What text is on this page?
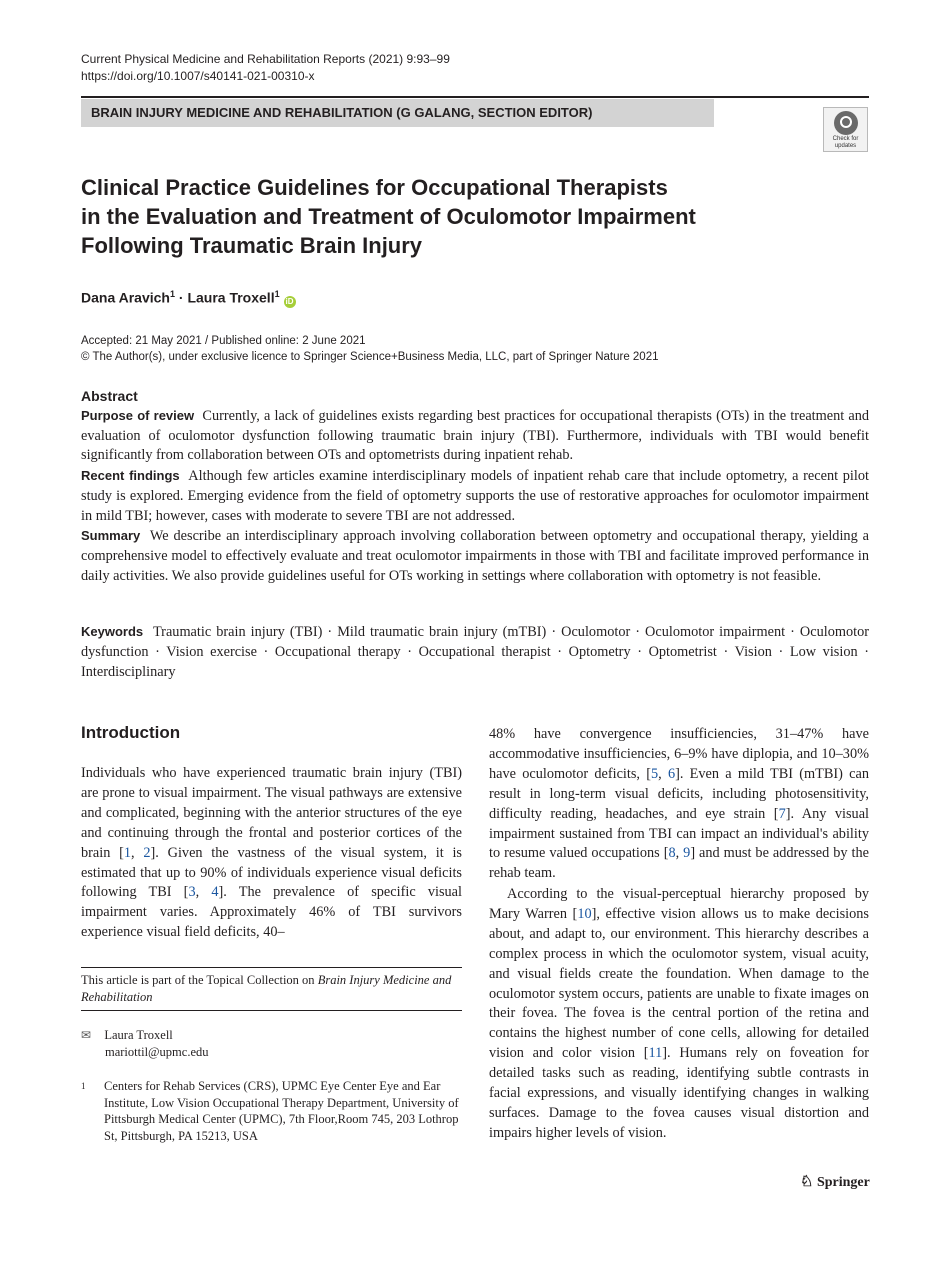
Current Physical Medicine and Rehabilitation Reports (2021) 9:93–99
https://doi.org/10.1007/s40141-021-00310-x
BRAIN INJURY MEDICINE AND REHABILITATION (G GALANG, SECTION EDITOR)
Check for
updates
Clinical Practice Guidelines for Occupational Therapists
in the Evaluation and Treatment of Oculomotor Impairment
Following Traumatic Brain Injury
Dana Aravich$^1$ · Laura Troxell$^1$ iD
Accepted: 21 May 2021 / Published online: 2 June 2021
© The Author(s), under exclusive licence to Springer Science+Business Media, LLC, part of Springer Nature 2021

Abstract

Purpose of review Currently, a lack of guidelines exists regarding best practices for occupational therapists (OTs) in the treatment and evaluation of oculomotor dysfunction following traumatic brain injury (TBI). Furthermore, individuals with TBI would benefit significantly from collaboration between OTs and optometrists during inpatient rehab.

Recent findings Although few articles examine interdisciplinary models of inpatient rehab care that include optometry, a recent pilot study is explored. Emerging evidence from the field of optometry supports the use of restorative approaches for oculomotor impairment in mild TBI; however, cases with moderate to severe TBI are not addressed.

Summary We describe an interdisciplinary approach involving collaboration between optometry and occupational therapy, yielding a comprehensive model to effectively evaluate and treat oculomotor impairments in those with TBI and facilitate improved performance in daily activities. We also provide guidelines useful for OTs working in settings where collaboration with optometry is not feasible.

Keywords Traumatic brain injury (TBI) · Mild traumatic brain injury (mTBI) · Oculomotor · Oculomotor impairment · Oculomotor dysfunction · Vision exercise · Occupational therapy · Occupational therapist · Optometry · Optometrist · Vision · Low vision · Interdisciplinary

Introduction

Individuals who have experienced traumatic brain injury (TBI) are prone to visual impairment. The visual pathways are extensive and complicated, beginning with the anterior structures of the eye and continuing through the frontal and posterior cortices of the brain [1, 2]. Given the vastness of the visual system, it is estimated that up to 90% of individuals experience visual deficits following TBI [3, 4]. The prevalence of specific visual impairment varies. Approximately 46% of TBI survivors experience visual field deficits, 40–

This article is part of the Topical Collection on Brain Injury Medicine and Rehabilitation
✉ Laura Troxell
mariottil@upmc.edu
1 Centers for Rehab Services (CRS), UPMC Eye Center Eye and Ear Institute, Low Vision Occupational Therapy Department, University of Pittsburgh Medical Center (UPMC), 7th Floor,Room 745, 203 Lothrop St, Pittsburgh, PA 15213, USA

48% have convergence insufficiencies, 31–47% have accommodative insufficiencies, 6–9% have diplopia, and 10–30% have oculomotor deficits, [5, 6]. Even a mild TBI (mTBI) can result in long-term visual deficits, including photosensitivity, difficulty reading, headaches, and eye strain [7]. Any visual impairment sustained from TBI can impact an individual's ability to resume valued occupations [8, 9] and must be addressed by the rehab team.

According to the visual-perceptual hierarchy proposed by Mary Warren [10], effective vision allows us to make decisions about, and adapt to, our environment. This hierarchy describes a complex process in which the oculomotor system, visual acuity, and visual fields create the foundation. When damage to the oculomotor system occurs, patients are unable to fixate images on their fovea. The fovea is the central portion of the retina and contains the highest number of cone cells, allowing for detailed vision and color vision [11]. Humans rely on foveation for detailed tasks such as reading, identifying subtle contrasts in facial expressions, and visually identifying changes in walking surfaces. Damage to the fovea causes visual distortion and impairs higher levels of vision.

♘ Springer
